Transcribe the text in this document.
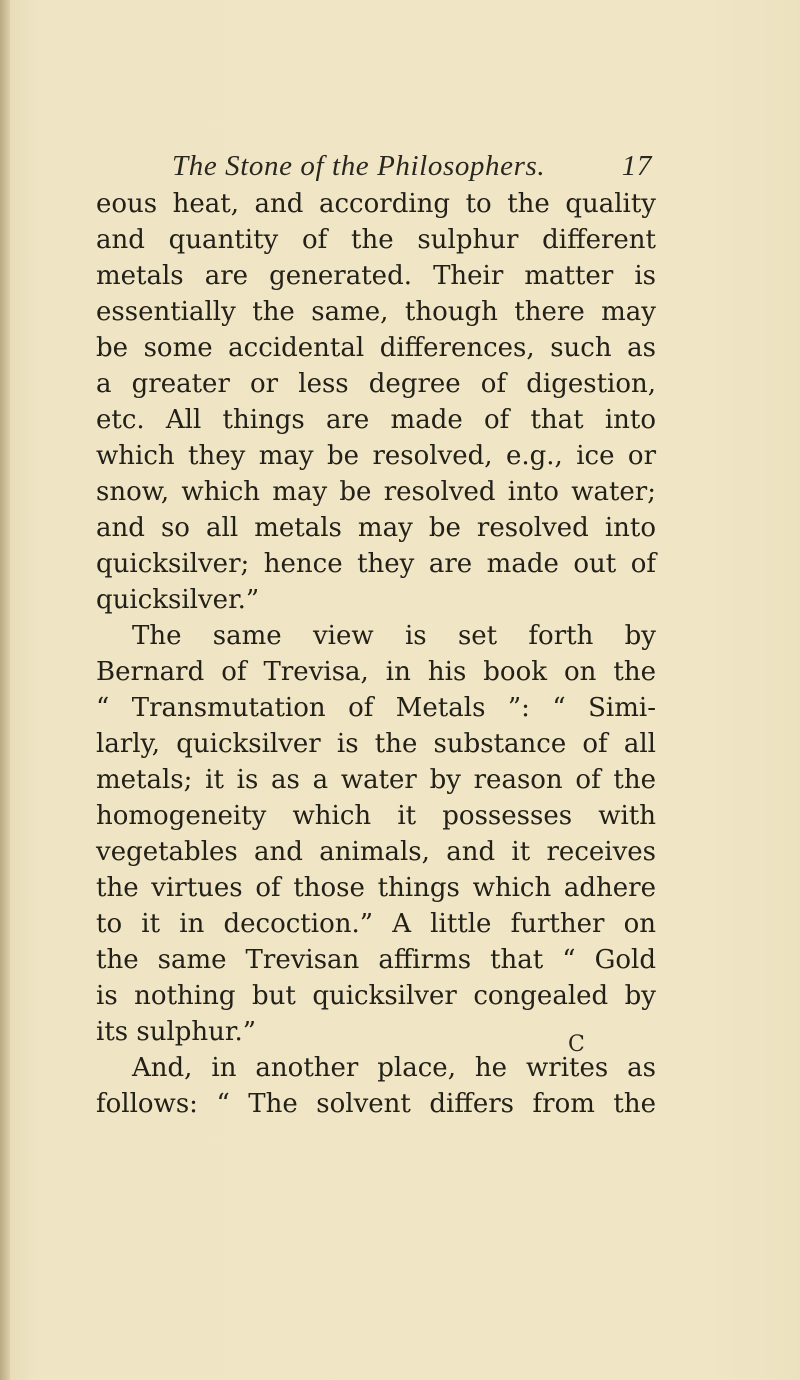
The Stone of the Philosophers.	17
eous heat, and according to the quality
and quantity of the sulphur different
metals are generated. Their matter is
essentially the same, though there may
be some accidental differences, such as
a greater or less degree of digestion,
etc. All things are made of that into
which they may be resolved, e.g., ice or
snow, which may be resolved into water;
and so all metals may be resolved into
quicksilver; hence they are made out of
quicksilver.”
The same view is set forth by
Bernard of Trevisa, in his book on the
“ Transmutation of Metals ”: “ Simi-
larly, quicksilver is the substance of all
metals; it is as a water by reason of the
homogeneity which it possesses with
vegetables and animals, and it receives
the virtues of those things which adhere
to it in decoction.” A little further on
the same Trevisan affirms that “ Gold
is nothing but quicksilver congealed by
its sulphur.”
And, in another place, he writes as
follows: “ The solvent differs from the
C
